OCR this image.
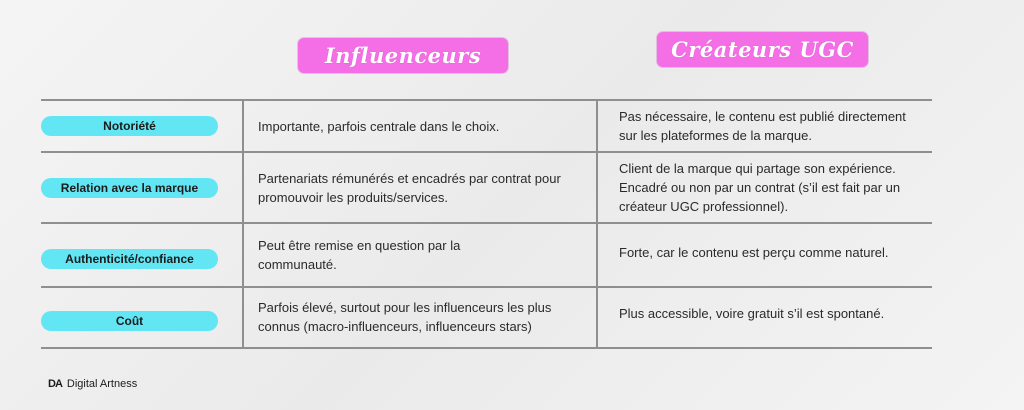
Influenceurs	Créateurs UGC
Notoriété	Importante, parfois centrale dans le choix.
Pas nécessaire, le contenu est publié directement sur les plateformes de la marque.
Relation avec la marque
Partenariats rémunérés et encadrés par contrat pour promouvoir les produits/services.
Client de la marque qui partage son expérience. Encadré ou non par un contrat (s’il est fait par un créateur UGC professionnel).
Authenticité/confiance
Peut être remise en question par la communauté.
Forte, car le contenu est perçu comme naturel.
Coût
Parfois élevé, surtout pour les influenceurs les plus connus (macro-influenceurs, influenceurs stars)
Plus accessible, voire gratuit s’il est spontané.
DA Digital Artness
